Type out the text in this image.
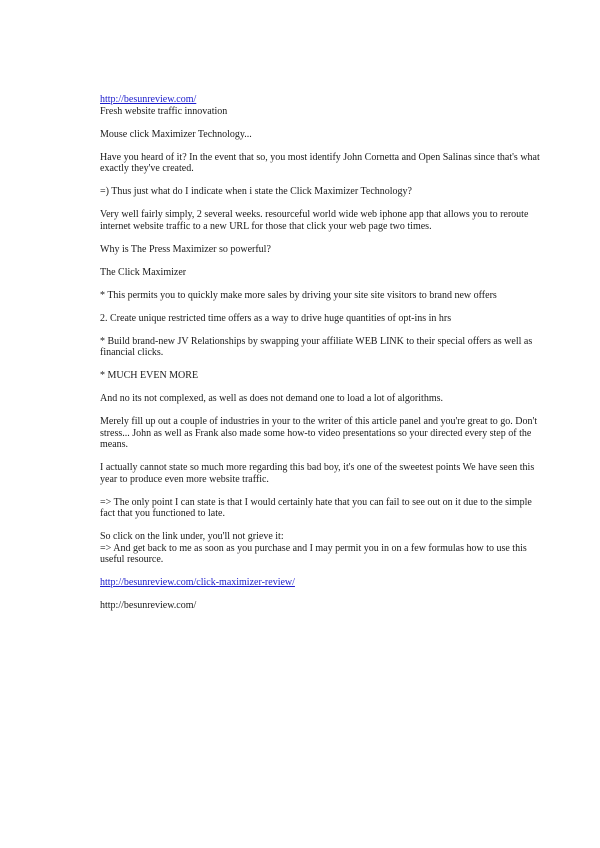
http://besunreview.com/

Fresh website traffic innovation

Mouse click Maximizer Technology...

Have you heard of it? In the event that so, you most identify John Cornetta and Open Salinas since that's what exactly they've created.

=) Thus just what do I indicate when i state the Click Maximizer Technology?

Very well fairly simply, 2 several weeks. resourceful world wide web iphone app that allows you to reroute internet website traffic to a new URL for those that click your web page two times.

Why is The Press Maximizer so powerful?

The Click Maximizer

* This permits you to quickly make more sales by driving your site site visitors to brand new offers

2. Create unique restricted time offers as a way to drive huge quantities of opt-ins in hrs

* Build brand-new JV Relationships by swapping your affiliate WEB LINK to their special offers as well as financial clicks.

* MUCH EVEN MORE

And no its not complexed, as well as does not demand one to load a lot of algorithms.

Merely fill up out a couple of industries in your to the writer of this article panel and you're great to go. Don't stress... John as well as Frank also made some how-to video presentations so your directed every step of the means.

I actually cannot state so much more regarding this bad boy, it's one of the sweetest points We have seen this year to produce even more website traffic.

=> The only point I can state is that I would certainly hate that you can fail to see out on it due to the simple fact that you functioned to late.

So click on the link under, you'll not grieve it:

=> And get back to me as soon as you purchase and I may permit you in on a few formulas how to use this useful resource.

http://besunreview.com/click-maximizer-review/

http://besunreview.com/
